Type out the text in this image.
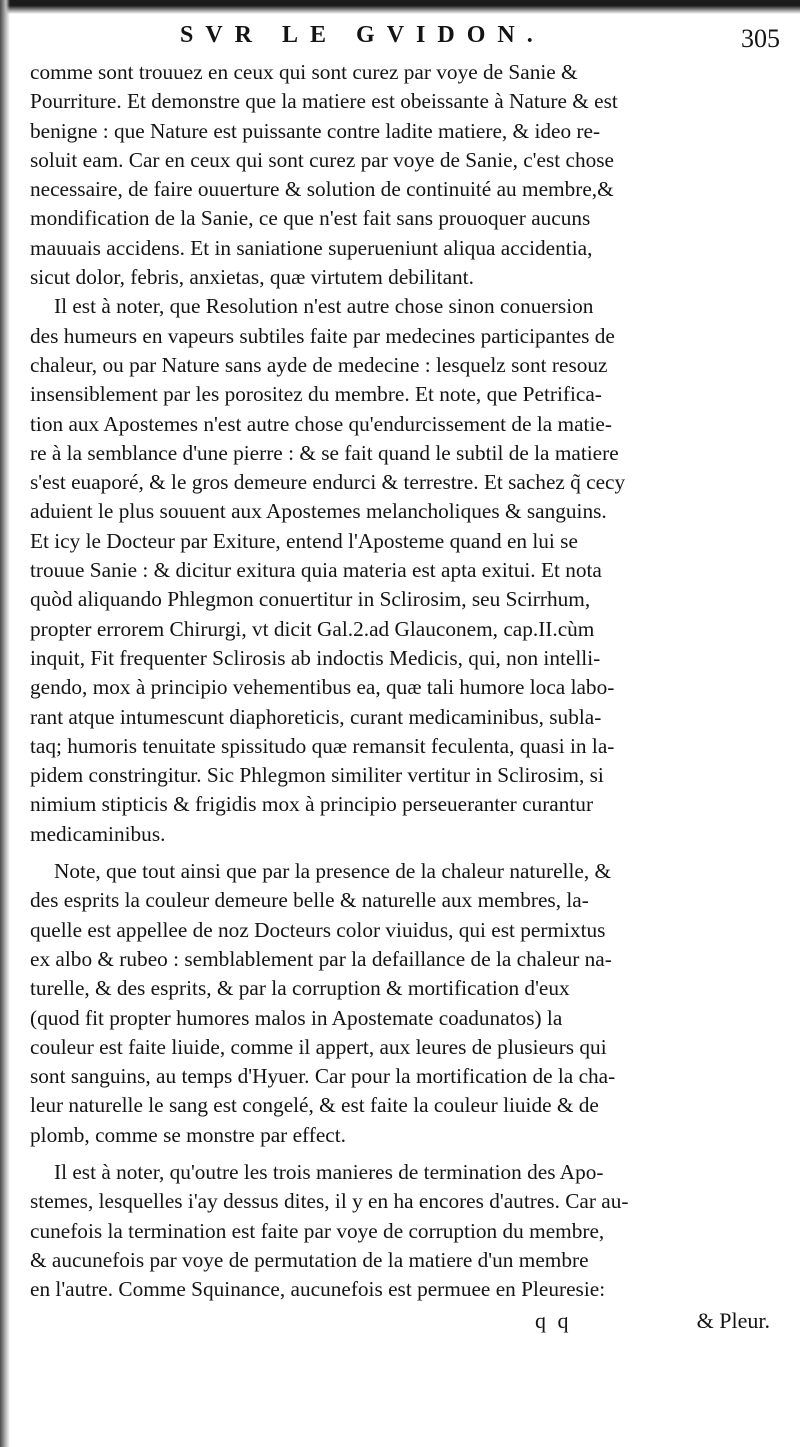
SVR LE GVIDON.	305
comme sont trouuez en ceux qui sont curez par voye de Sanie &
Pourriture. Et demonstre que la matiere est obeissante à Nature & est
benigne : que Nature est puissante contre ladite matiere, & ideo re-
soluit eam. Car en ceux qui sont curez par voye de Sanie, c'est chose
necessaire, de faire ouuerture & solution de continuité au membre,&
mondification de la Sanie, ce que n'est fait sans prouoquer aucuns
mauuais accidens. Et in saniatione superueniunt aliqua accidentia,
sicut dolor, febris, anxietas, quæ virtutem debilitant.
Il est à noter, que Resolution n'est autre chose sinon conuersion
des humeurs en vapeurs subtiles faite par medecines participantes de
chaleur, ou par Nature sans ayde de medecine : lesquelz sont resouz
insensiblement par les porositez du membre. Et note, que Petrifica-
tion aux Apostemes n'est autre chose qu'endurcissement de la matie-
re à la semblance d'une pierre : & se fait quand le subtil de la matiere
s'est euaporé, & le gros demeure endurci & terrestre. Et sachez q̃ cecy
aduient le plus souuent aux Apostemes melancholiques & sanguins.
Et icy le Docteur par Exiture, entend l'Aposteme quand en lui se
trouue Sanie : & dicitur exitura quia materia est apta exitui. Et nota
quòd aliquando Phlegmon conuertitur in Sclirosim, seu Scirrhum,
propter errorem Chirurgi, vt dicit Gal.2.ad Glauconem, cap.II.cùm
inquit, Fit frequenter Sclirosis ab indoctis Medicis, qui, non intelli-
gendo, mox à principio vehementibus ea, quæ tali humore loca labo-
rant atque intumescunt diaphoreticis, curant medicaminibus, subla-
taq; humoris tenuitate spissitudo quæ remansit feculenta, quasi in la-
pidem constringitur. Sic Phlegmon similiter vertitur in Sclirosim, si
nimium stipticis & frigidis mox à principio perseueranter curantur
medicaminibus.
Note, que tout ainsi que par la presence de la chaleur naturelle, &
des esprits la couleur demeure belle & naturelle aux membres, la-
quelle est appellee de noz Docteurs color viuidus, qui est permixtus
ex albo & rubeo : semblablement par la defaillance de la chaleur na-
turelle, & des esprits, & par la corruption & mortification d'eux
(quod fit propter humores malos in Apostemate coadunatos) la
couleur est faite liuide, comme il appert, aux leures de plusieurs qui
sont sanguins, au temps d'Hyuer. Car pour la mortification de la cha-
leur naturelle le sang est congelé, & est faite la couleur liuide & de
plomb, comme se monstre par effect.
Il est à noter, qu'outre les trois manieres de termination des Apo-
stemes, lesquelles i'ay dessus dites, il y en ha encores d'autres. Car au-
cunefois la termination est faite par voye de corruption du membre,
& aucunefois par voye de permutation de la matiere d'un membre
en l'autre. Comme Squinance, aucunefois est permuee en Pleuresie:
q q	& Pleur.
